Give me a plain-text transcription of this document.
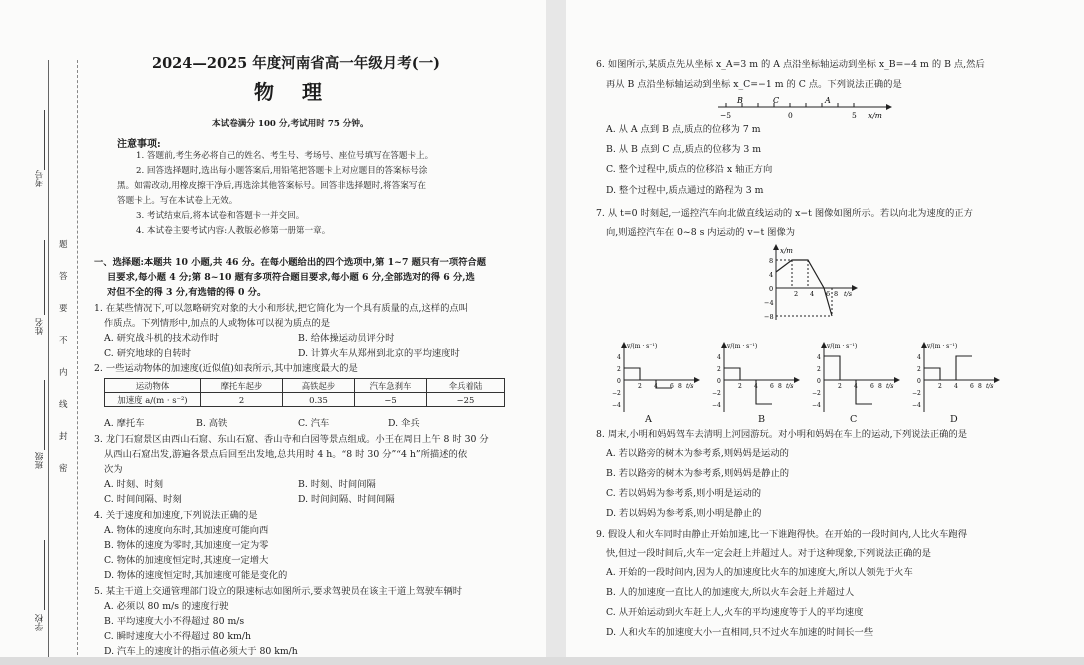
考号
姓名
班级
学校
题
答
要
不
内
线
封
密
2024—2025 年度河南省高一年级月考(一)
物　理
本试卷满分 100 分,考试用时 75 分钟。
注意事项:
1. 答题前,考生务必将自己的姓名、考生号、考场号、座位号填写在答题卡上。
2. 回答选择题时,选出每小题答案后,用铅笔把答题卡上对应题目的答案标号涂
黑。如需改动,用橡皮擦干净后,再选涂其他答案标号。回答非选择题时,将答案写在
答题卡上。写在本试卷上无效。
3. 考试结束后,将本试卷和答题卡一并交回。
4. 本试卷主要考试内容:人教版必修第一册第一章。
一、选择题:本题共 10 小题,共 46 分。在每小题给出的四个选项中,第 1~7 题只有一项符合题
目要求,每小题 4 分;第 8~10 题有多项符合题目要求,每小题 6 分,全部选对的得 6 分,选
对但不全的得 3 分,有选错的得 0 分。
1. 在某些情况下,可以忽略研究对象的大小和形状,把它简化为一个具有质量的点,这样的点叫
作质点。下列情形中,加点的人或物体可以视为质点的是
A. 研究战斗机的技术动作时	B. 给体操运动员评分时
C. 研究地球的自转时	D. 计算火车从郑州到北京的平均速度时
2. 一些运动物体的加速度(近似值)如表所示,其中加速度最大的是
运动物体	摩托车起步	高铁起步	汽车急刹车	伞兵着陆
加速度 a/(m · s⁻²)	2	0.35	−5	−25
A. 摩托车	B. 高铁	C. 汽车	D. 伞兵
3. 龙门石窟景区由西山石窟、东山石窟、香山寺和白园等景点组成。小王在周日上午 8 时 30 分
从西山石窟出发,游遍各景点后回至出发地,总共用时 4 h。“8 时 30 分”“4 h”所描述的依
次为
A. 时刻、时刻	B. 时刻、时间间隔
C. 时间间隔、时刻	D. 时间间隔、时间间隔
4. 关于速度和加速度,下列说法正确的是
A. 物体的速度向东时,其加速度可能向西
B. 物体的速度为零时,其加速度一定为零
C. 物体的加速度恒定时,其速度一定增大
D. 物体的速度恒定时,其加速度可能是变化的
5. 某主干道上交通管理部门设立的限速标志如图所示,要求驾驶员在该主干道上驾驶车辆时
A. 必须以 80 m/s 的速度行驶
B. 平均速度大小不得超过 80 m/s
C. 瞬时速度大小不得超过 80 km/h
D. 汽车上的速度计的指示值必须大于 80 km/h
6. 如图所示,某质点先从坐标 x_A=3 m 的 A 点沿坐标轴运动到坐标 x_B=−4 m 的 B 点,然后
再从 B 点沿坐标轴运动到坐标 x_C=−1 m 的 C 点。下列说法正确的是
B	C	A
−5	0	5 x/m
A. 从 A 点到 B 点,质点的位移为 7 m
B. 从 B 点到 C 点,质点的位移为 3 m
C. 整个过程中,质点的位移沿 x 轴正方向
D. 整个过程中,质点通过的路程为 3 m
7. 从 t=0 时刻起,一遥控汽车向北做直线运动的 x−t 图像如图所示。若以向北为速度的正方
向,则遥控汽车在 0~8 s 内运动的 v−t 图像为
x/m
8
4
0
−4
−8
2 4 6 8 t/s
v/(m · s⁻¹)
4
2
0
−2
−4
2 4 6 8 t/s
v/(m · s⁻¹)
4
2
0
−2
−4
2 4 6 8 t/s
v/(m · s⁻¹)
4
2
0
−2
−4
2 4 6 8 t/s
v/(m · s⁻¹)
4
2
0
−2
−4
2 4 6 8 t/s
A	B	C	D
8. 周末,小明和妈妈驾车去清明上河园游玩。对小明和妈妈在车上的运动,下列说法正确的是
A. 若以路旁的树木为参考系,则妈妈是运动的
B. 若以路旁的树木为参考系,则妈妈是静止的
C. 若以妈妈为参考系,则小明是运动的
D. 若以妈妈为参考系,则小明是静止的
9. 假设人和火车同时由静止开始加速,比一下谁跑得快。在开始的一段时间内,人比火车跑得
快,但过一段时间后,火车一定会赶上并超过人。对于这种现象,下列说法正确的是
A. 开始的一段时间内,因为人的加速度比火车的加速度大,所以人领先于火车
B. 人的加速度一直比人的加速度大,所以火车会赶上并超过人
C. 从开始运动到火车赶上人,火车的平均速度等于人的平均速度
D. 人和火车的加速度大小一直相同,只不过火车加速的时间长一些
